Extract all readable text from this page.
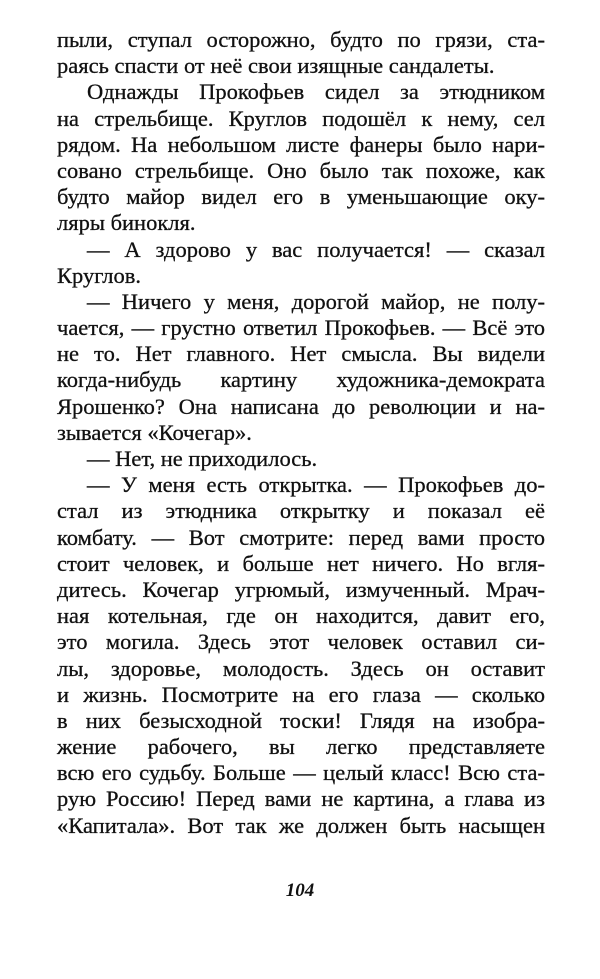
пыли, ступал осторожно, будто по грязи, ста-
раясь спасти от неё свои изящные сандалеты.
Однажды Прокофьев сидел за этюдником
на стрельбище. Круглов подошёл к нему, сел
рядом. На небольшом листе фанеры было нари-
совано стрельбище. Оно было так похоже, как
будто майор видел его в уменьшающие оку-
ляры бинокля.
— А здорово у вас получается! — сказал
Круглов.
— Ничего у меня, дорогой майор, не полу-
чается, — грустно ответил Прокофьев. — Всё это
не то. Нет главного. Нет смысла. Вы видели
когда-нибудь картину художника-демократа
Ярошенко? Она написана до революции и на-
зывается «Кочегар».
— Нет, не приходилось.
— У меня есть открытка. — Прокофьев до-
стал из этюдника открытку и показал её
комбату. — Вот смотрите: перед вами просто
стоит человек, и больше нет ничего. Но вгля-
дитесь. Кочегар угрюмый, измученный. Мрач-
ная котельная, где он находится, давит его,
это могила. Здесь этот человек оставил си-
лы, здоровье, молодость. Здесь он оставит
и жизнь. Посмотрите на его глаза — сколько
в них безысходной тоски! Глядя на изобра-
жение рабочего, вы легко представляете
всю его судьбу. Больше — целый класс! Всю ста-
рую Россию! Перед вами не картина, а глава из
«Капитала». Вот так же должен быть насыщен
104
